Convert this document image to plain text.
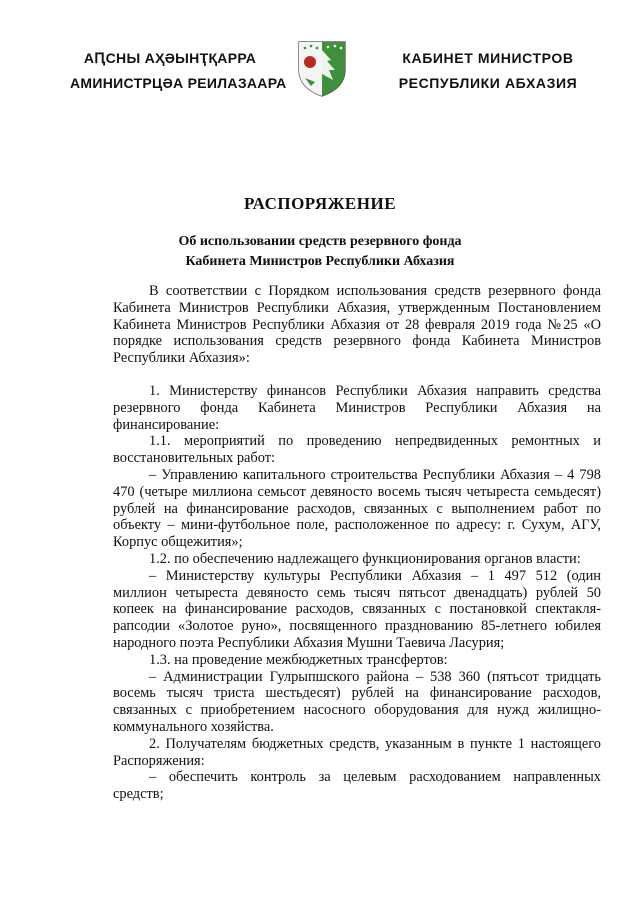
АԤСНЫ АҲӘЫНҬҚАРРА
АМИНИСТРЦӘА РЕИЛАЗААРА
КАБИНЕТ МИНИСТРОВ
РЕСПУБЛИКИ АБХАЗИЯ
РАСПОРЯЖЕНИЕ
Об использовании средств резервного фонда
Кабинета Министров Республики Абхазия

В соответствии с Порядком использования средств резервного фонда Кабинета Министров Республики Абхазия, утвержденным Постановлением Кабинета Министров Республики Абхазия от 28 февраля 2019 года №25 «О порядке использования средств резервного фонда Кабинета Министров Республики Абхазия»:

1. Министерству финансов Республики Абхазия направить средства резервного фонда Кабинета Министров Республики Абхазия на финансирование:

1.1. мероприятий по проведению непредвиденных ремонтных и восстановительных работ:

– Управлению капитального строительства Республики Абхазия – 4 798 470 (четыре миллиона семьсот девяносто восемь тысяч четыреста семьдесят) рублей на финансирование расходов, связанных с выполнением работ по объекту – мини-футбольное поле, расположенное по адресу: г. Сухум, АГУ, Корпус общежития»;

1.2. по обеспечению надлежащего функционирования органов власти:

– Министерству культуры Республики Абхазия – 1 497 512 (один миллион четыреста девяносто семь тысяч пятьсот двенадцать) рублей 50 копеек на финансирование расходов, связанных с постановкой спектакля-рапсодии «Золотое руно», посвященного празднованию 85-летнего юбилея народного поэта Республики Абхазия Мушни Таевича Ласурия;

1.3. на проведение межбюджетных трансфертов:

– Администрации Гулрыпшского района – 538 360 (пятьсот тридцать восемь тысяч триста шестьдесят) рублей на финансирование расходов, связанных с приобретением насосного оборудования для нужд жилищно-коммунального хозяйства.

2. Получателям бюджетных средств, указанным в пункте 1 настоящего Распоряжения:

– обеспечить контроль за целевым расходованием направленных средств;
